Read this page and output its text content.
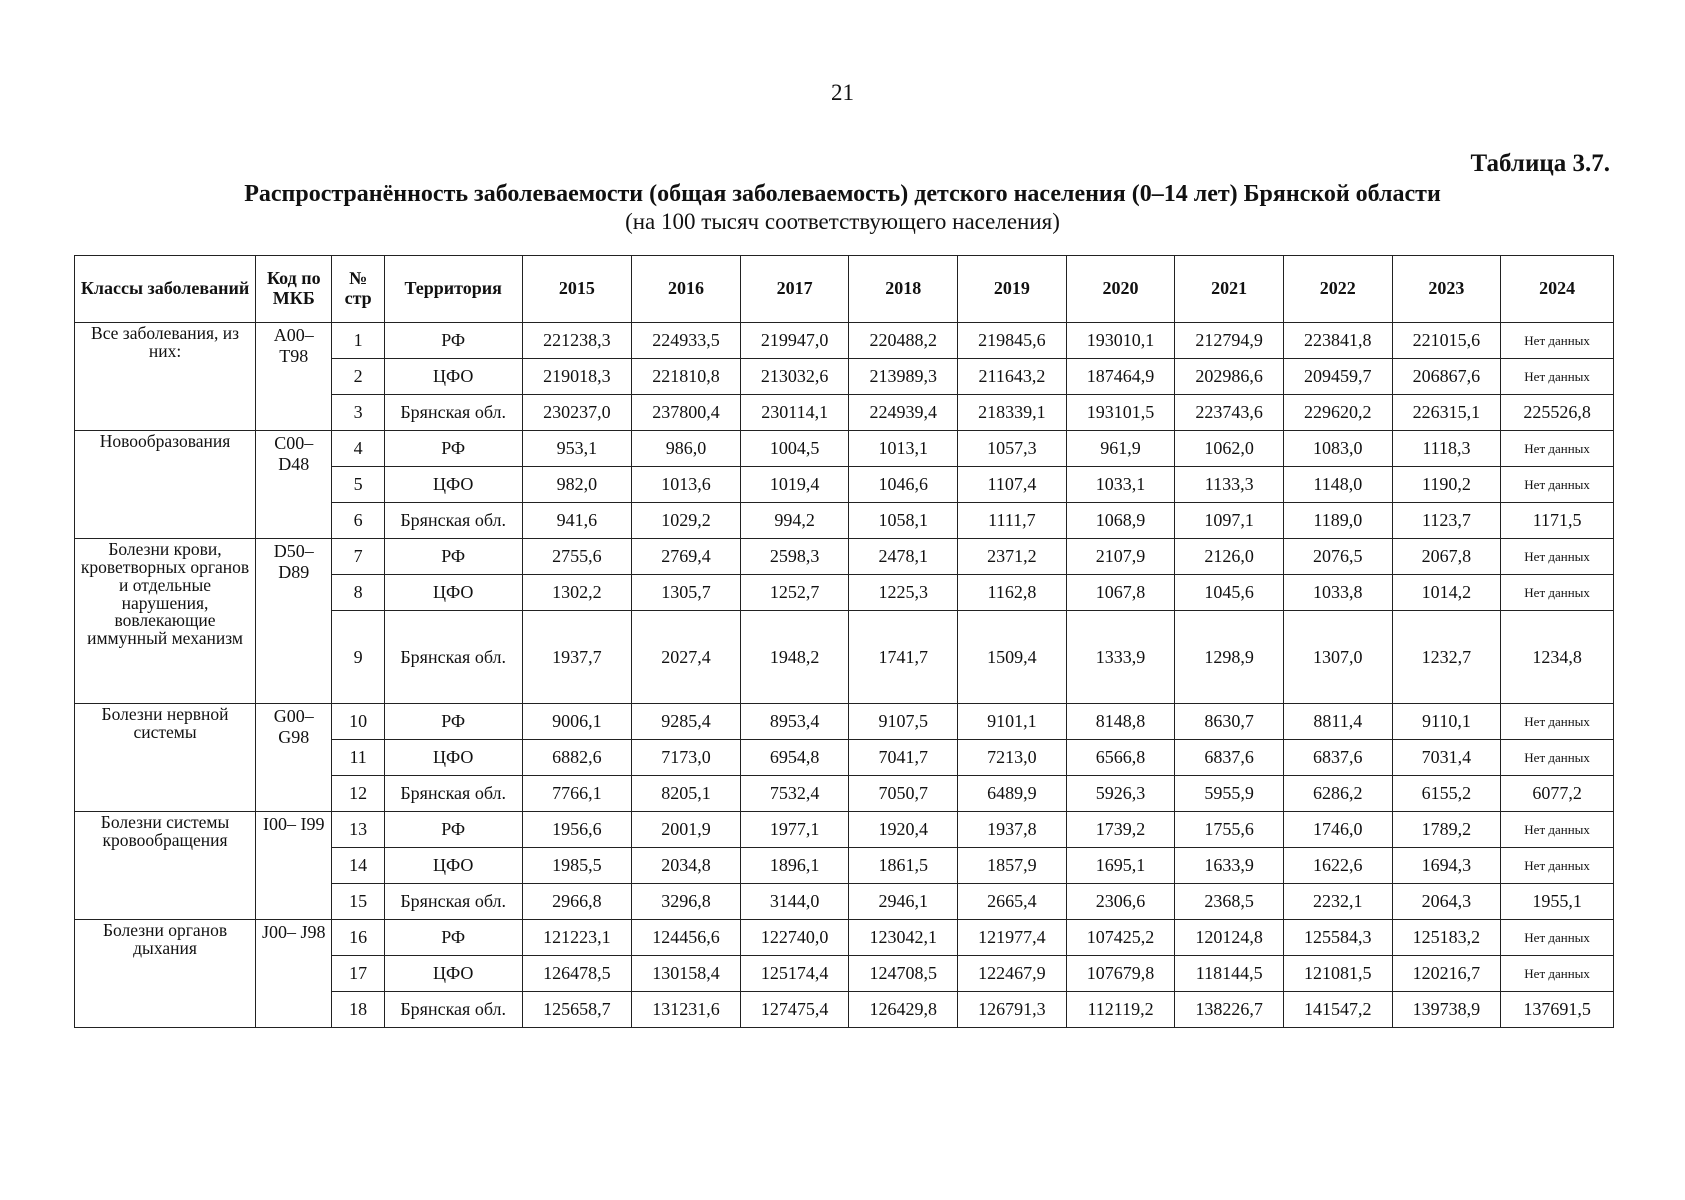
21
Таблица 3.7.
Распространённость заболеваемости (общая заболеваемость) детского населения (0–14 лет) Брянской области
(на 100 тысяч соответствующего населения)
Классы заболеваний	Код по МКБ	№ стр	Территория	2015	2016	2017	2018	2019	2020	2021	2022	2023	2024
Все заболевания, из них:	A00– T98	1	РФ	221238,3	224933,5	219947,0	220488,2	219845,6	193010,1	212794,9	223841,8	221015,6	Нет данных
		2	ЦФО	219018,3	221810,8	213032,6	213989,3	211643,2	187464,9	202986,6	209459,7	206867,6	Нет данных
		3	Брянская обл.	230237,0	237800,4	230114,1	224939,4	218339,1	193101,5	223743,6	229620,2	226315,1	225526,8
Новообразования	C00– D48	4	РФ	953,1	986,0	1004,5	1013,1	1057,3	961,9	1062,0	1083,0	1118,3	Нет данных
		5	ЦФО	982,0	1013,6	1019,4	1046,6	1107,4	1033,1	1133,3	1148,0	1190,2	Нет данных
		6	Брянская обл.	941,6	1029,2	994,2	1058,1	1111,7	1068,9	1097,1	1189,0	1123,7	1171,5
Болезни крови, кроветворных органов и отдельные нарушения, вовлекающие иммунный механизм	D50– D89	7	РФ	2755,6	2769,4	2598,3	2478,1	2371,2	2107,9	2126,0	2076,5	2067,8	Нет данных
		8	ЦФО	1302,2	1305,7	1252,7	1225,3	1162,8	1067,8	1045,6	1033,8	1014,2	Нет данных
		9	Брянская обл.	1937,7	2027,4	1948,2	1741,7	1509,4	1333,9	1298,9	1307,0	1232,7	1234,8
Болезни нервной системы	G00– G98	10	РФ	9006,1	9285,4	8953,4	9107,5	9101,1	8148,8	8630,7	8811,4	9110,1	Нет данных
		11	ЦФО	6882,6	7173,0	6954,8	7041,7	7213,0	6566,8	6837,6	6837,6	7031,4	Нет данных
		12	Брянская обл.	7766,1	8205,1	7532,4	7050,7	6489,9	5926,3	5955,9	6286,2	6155,2	6077,2
Болезни системы кровообращения	I00– I99	13	РФ	1956,6	2001,9	1977,1	1920,4	1937,8	1739,2	1755,6	1746,0	1789,2	Нет данных
		14	ЦФО	1985,5	2034,8	1896,1	1861,5	1857,9	1695,1	1633,9	1622,6	1694,3	Нет данных
		15	Брянская обл.	2966,8	3296,8	3144,0	2946,1	2665,4	2306,6	2368,5	2232,1	2064,3	1955,1
Болезни органов дыхания	J00– J98	16	РФ	121223,1	124456,6	122740,0	123042,1	121977,4	107425,2	120124,8	125584,3	125183,2	Нет данных
		17	ЦФО	126478,5	130158,4	125174,4	124708,5	122467,9	107679,8	118144,5	121081,5	120216,7	Нет данных
		18	Брянская обл.	125658,7	131231,6	127475,4	126429,8	126791,3	112119,2	138226,7	141547,2	139738,9	137691,5
